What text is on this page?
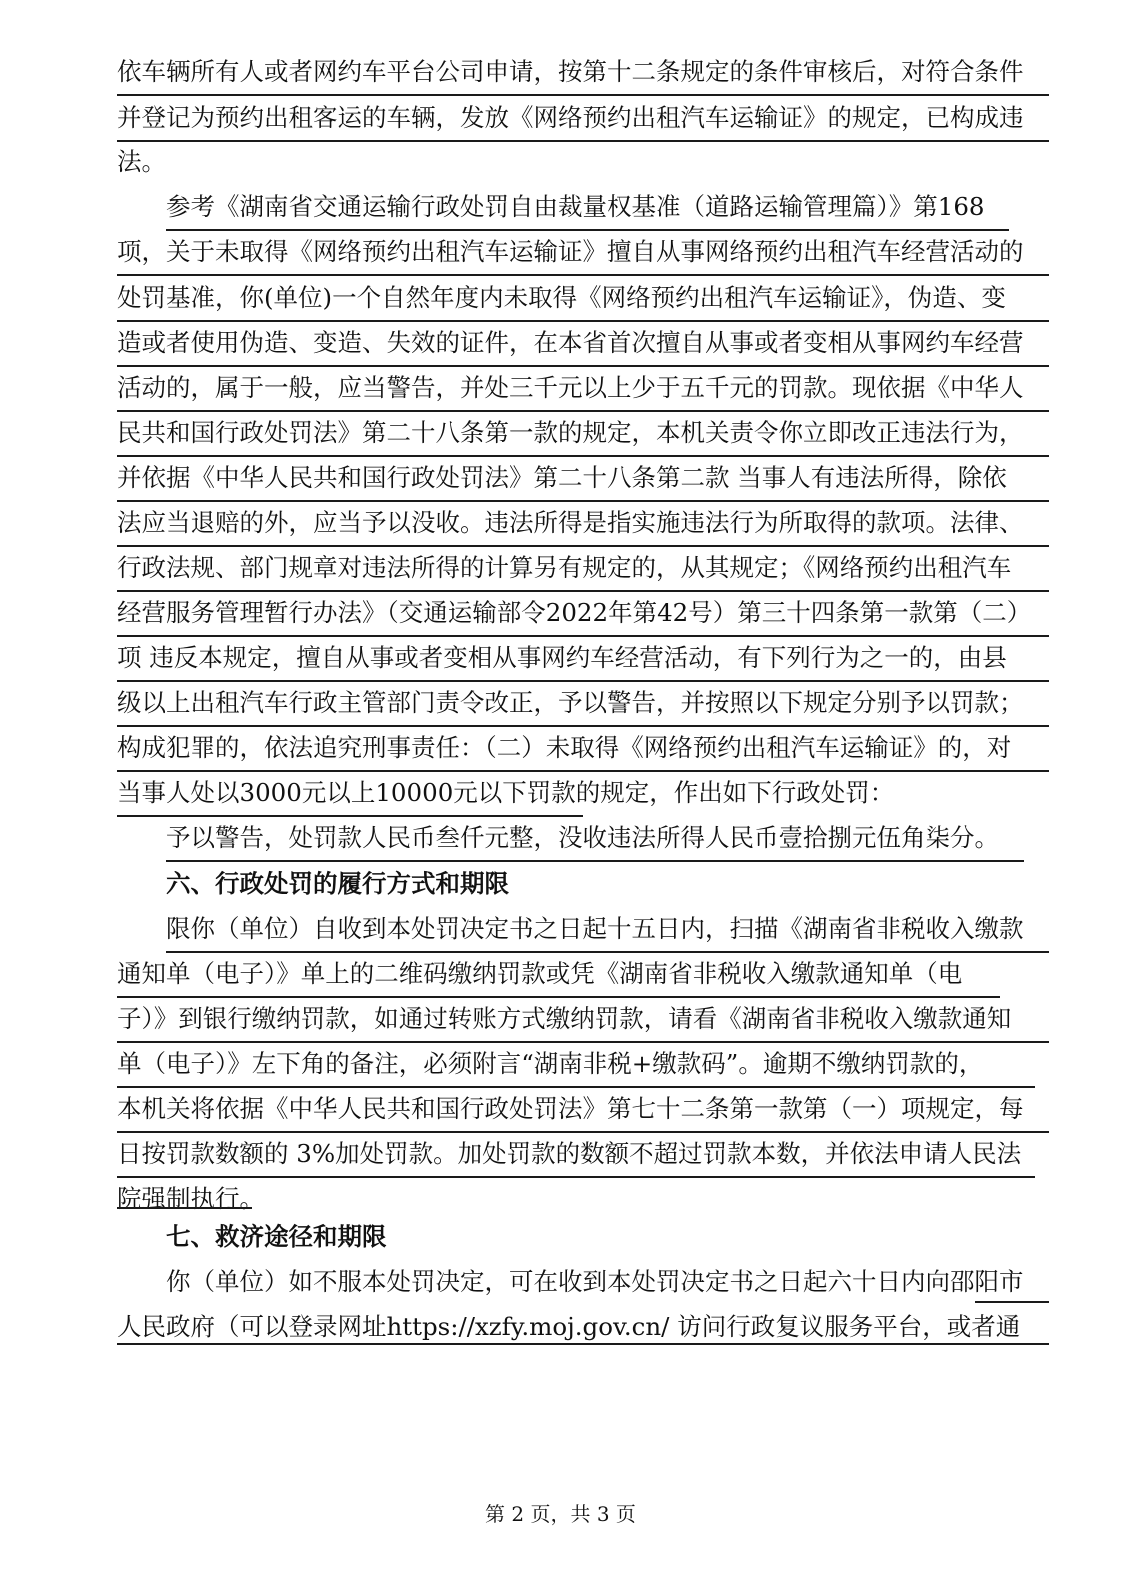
依车辆所有人或者网约车平台公司申请，按第十二条规定的条件审核后，对符合条件
并登记为预约出租客运的车辆，发放《网络预约出租汽车运输证》的规定，已构成违
法。
参考《湖南省交通运输行政处罚自由裁量权基准（道路运输管理篇）》第168
项，关于未取得《网络预约出租汽车运输证》擅自从事网络预约出租汽车经营活动的
处罚基准，你(单位)一个自然年度内未取得《网络预约出租汽车运输证》，伪造、变
造或者使用伪造、变造、失效的证件，在本省首次擅自从事或者变相从事网约车经营
活动的，属于一般，应当警告，并处三千元以上少于五千元的罚款。现依据《中华人
民共和国行政处罚法》第二十八条第一款的规定，本机关责令你立即改正违法行为，
并依据《中华人民共和国行政处罚法》第二十八条第二款 当事人有违法所得，除依
法应当退赔的外，应当予以没收。违法所得是指实施违法行为所取得的款项。法律、
行政法规、部门规章对违法所得的计算另有规定的，从其规定；《网络预约出租汽车
经营服务管理暂行办法》（交通运输部令2022年第42号）第三十四条第一款第（二）
项 违反本规定，擅自从事或者变相从事网约车经营活动，有下列行为之一的，由县
级以上出租汽车行政主管部门责令改正，予以警告，并按照以下规定分别予以罚款；
构成犯罪的，依法追究刑事责任：（二）未取得《网络预约出租汽车运输证》的，对
当事人处以3000元以上10000元以下罚款的规定，作出如下行政处罚：
予以警告，处罚款人民币叁仟元整，没收违法所得人民币壹拾捌元伍角柒分。
六、行政处罚的履行方式和期限
限你（单位）自收到本处罚决定书之日起十五日内，扫描《湖南省非税收入缴款
通知单（电子）》单上的二维码缴纳罚款或凭《湖南省非税收入缴款通知单（电
子）》到银行缴纳罚款，如通过转账方式缴纳罚款，请看《湖南省非税收入缴款通知
单（电子）》左下角的备注，必须附言“湖南非税+缴款码”。逾期不缴纳罚款的，
本机关将依据《中华人民共和国行政处罚法》第七十二条第一款第（一）项规定，每
日按罚款数额的 3%加处罚款。加处罚款的数额不超过罚款本数，并依法申请人民法
院强制执行。
七、救济途径和期限
你（单位）如不服本处罚决定，可在收到本处罚决定书之日起六十日内向邵阳市
人民政府（可以登录网址https://xzfy.moj.gov.cn/ 访问行政复议服务平台，或者通
第 2 页，共 3 页
